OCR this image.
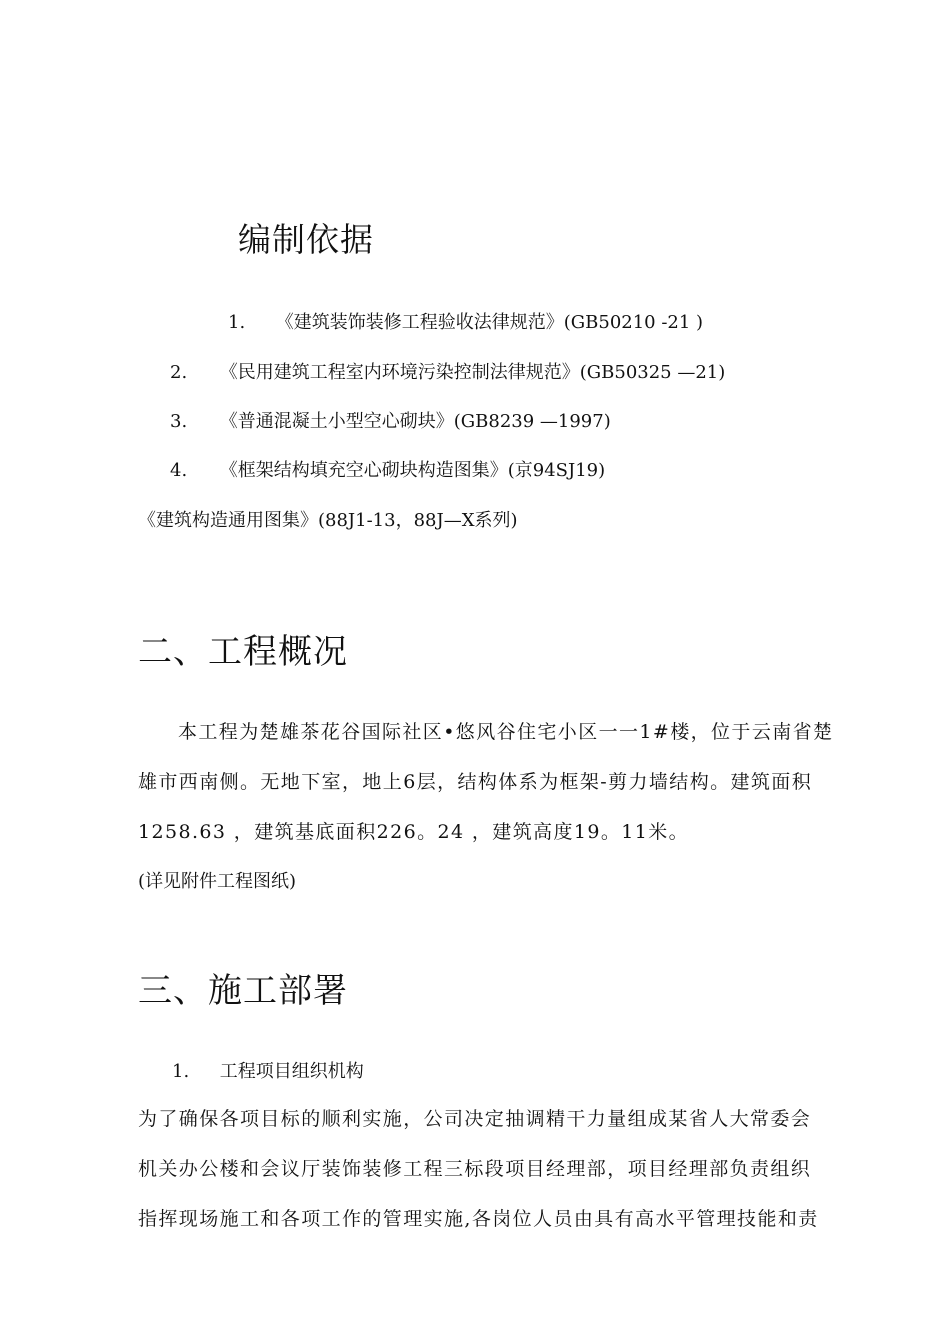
编制依据
1. 《建筑装饰装修工程验收法律规范》(GB50210 -21 )
2. 《民用建筑工程室内环境污染控制法律规范》(GB50325 —21)
3. 《普通混凝土小型空心砌块》(GB8239 —1997)
4. 《框架结构填充空心砌块构造图集》(京94SJ19)
《建筑构造通用图集》(88J1-13，88J—X系列)
二、工程概况
本工程为楚雄茶花谷国际社区•悠风谷住宅小区一一1#楼，位于云南省楚
雄市西南侧。无地下室，地上6层，结构体系为框架-剪力墙结构。建筑面积
1258.63 ，建筑基底面积226。24 ，建筑高度19。11米。
(详见附件工程图纸)
三、施工部署
1. 工程项目组织机构
为了确保各项目标的顺利实施，公司决定抽调精干力量组成某省人大常委会
机关办公楼和会议厅装饰装修工程三标段项目经理部，项目经理部负责组织
指挥现场施工和各项工作的管理实施,各岗位人员由具有高水平管理技能和责
